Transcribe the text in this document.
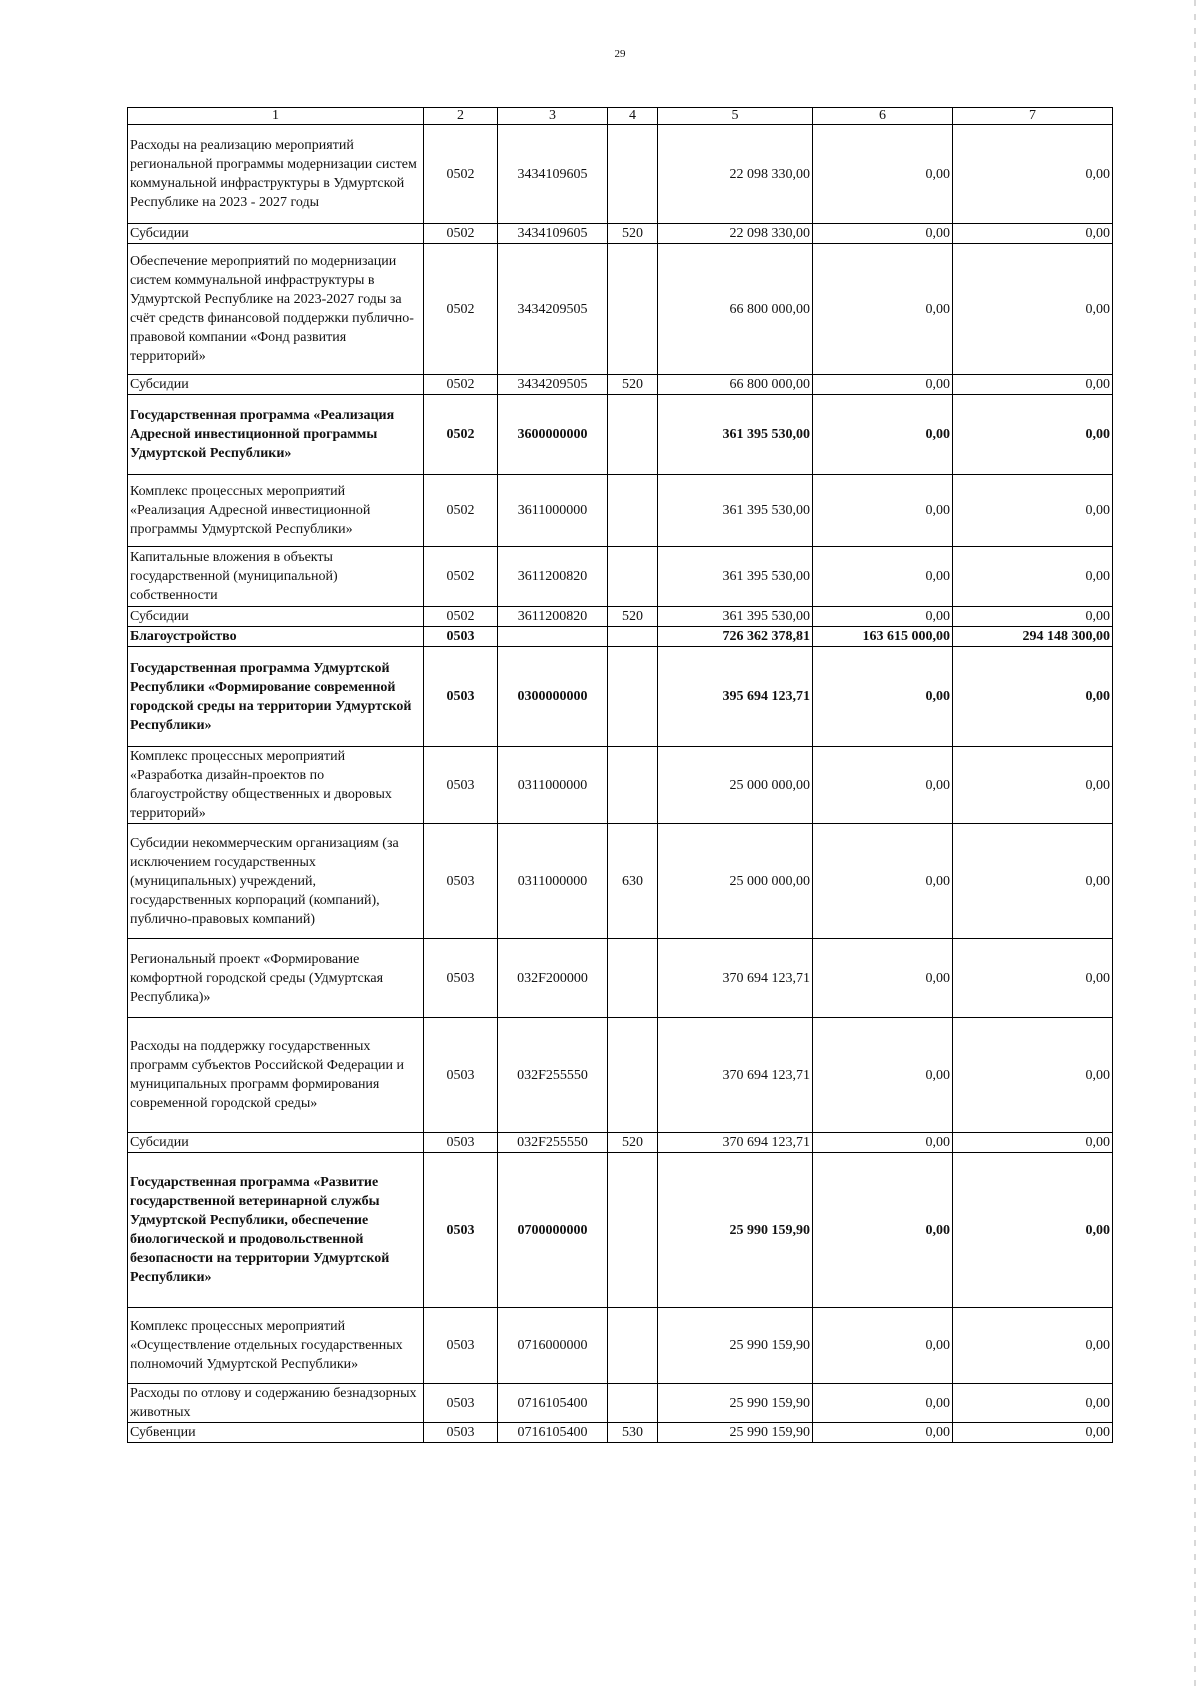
29
1	2	3	4	5	6	7
Расходы на реализацию мероприятий региональной программы модернизации систем коммунальной инфраструктуры в Удмуртской Республике на 2023 - 2027 годы	0502	3434109605		22 098 330,00	0,00	0,00
Субсидии	0502	3434109605	520	22 098 330,00	0,00	0,00
Обеспечение мероприятий по модернизации систем коммунальной инфраструктуры в Удмуртской Республике на 2023-2027 годы за счёт средств финансовой поддержки публично-правовой компании «Фонд развития территорий»	0502	3434209505		66 800 000,00	0,00	0,00
Субсидии	0502	3434209505	520	66 800 000,00	0,00	0,00
Государственная программа «Реализация Адресной инвестиционной программы Удмуртской Республики»	0502	3600000000		361 395 530,00	0,00	0,00
Комплекс процессных мероприятий «Реализация Адресной инвестиционной программы Удмуртской Республики»	0502	3611000000		361 395 530,00	0,00	0,00
Капитальные вложения в объекты государственной (муниципальной) собственности	0502	3611200820		361 395 530,00	0,00	0,00
Субсидии	0502	3611200820	520	361 395 530,00	0,00	0,00
Благоустройство	0503			726 362 378,81	163 615 000,00	294 148 300,00
Государственная программа Удмуртской Республики «Формирование современной городской среды на территории Удмуртской Республики»	0503	0300000000		395 694 123,71	0,00	0,00
Комплекс процессных мероприятий «Разработка дизайн-проектов по благоустройству общественных и дворовых территорий»	0503	0311000000		25 000 000,00	0,00	0,00
Субсидии некоммерческим организациям (за исключением государственных (муниципальных) учреждений, государственных корпораций (компаний), публично-правовых компаний)	0503	0311000000	630	25 000 000,00	0,00	0,00
Региональный проект «Формирование комфортной городской среды (Удмуртская Республика)»	0503	032F200000		370 694 123,71	0,00	0,00
Расходы на поддержку государственных программ субъектов Российской Федерации и муниципальных программ формирования современной городской среды»	0503	032F255550		370 694 123,71	0,00	0,00
Субсидии	0503	032F255550	520	370 694 123,71	0,00	0,00
Государственная программа «Развитие государственной ветеринарной службы Удмуртской Республики, обеспечение биологической и продовольственной безопасности на территории Удмуртской Республики»	0503	0700000000		25 990 159,90	0,00	0,00
Комплекс процессных мероприятий «Осуществление отдельных государственных полномочий Удмуртской Республики»	0503	0716000000		25 990 159,90	0,00	0,00
Расходы по отлову и содержанию безнадзорных животных	0503	0716105400		25 990 159,90	0,00	0,00
Субвенции	0503	0716105400	530	25 990 159,90	0,00	0,00
